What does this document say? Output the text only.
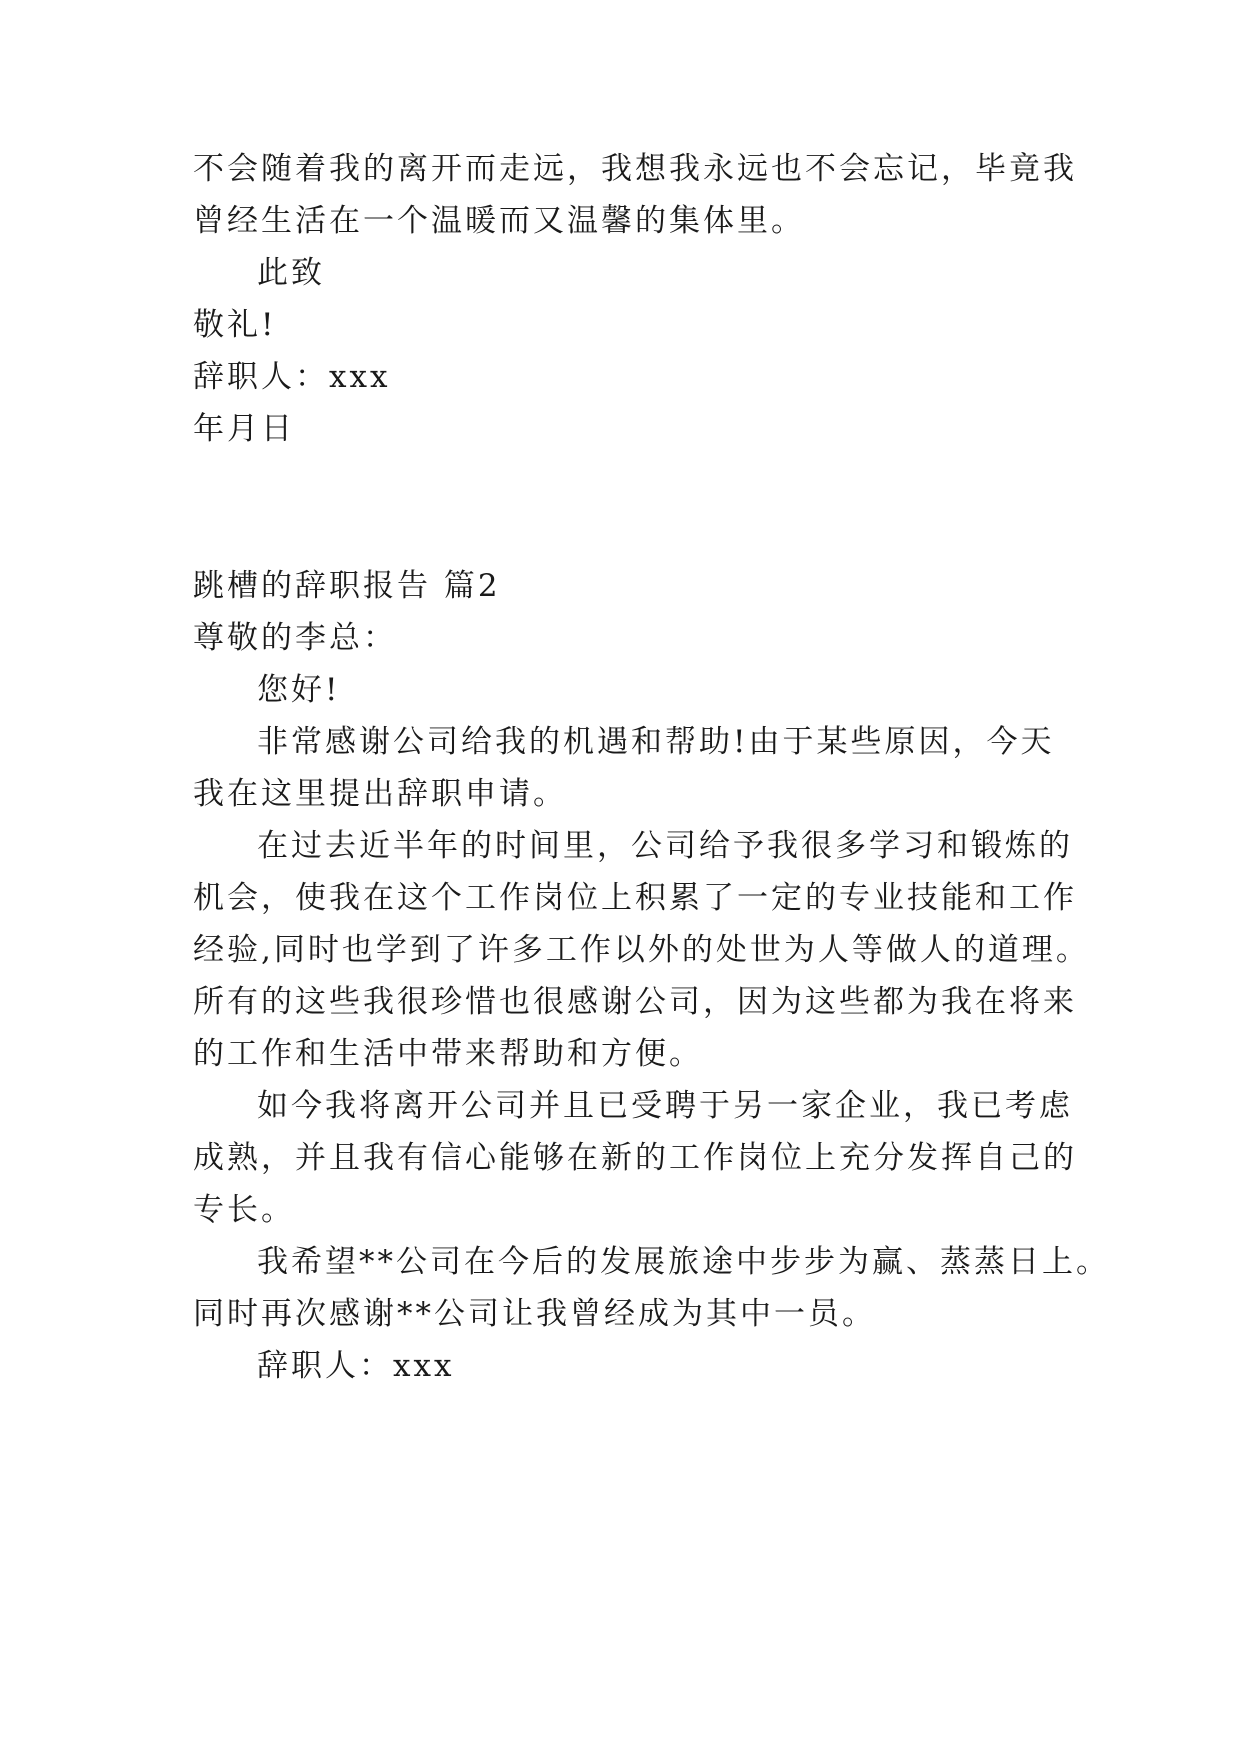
不会随着我的离开而走远，我想我永远也不会忘记，毕竟我
曾经生活在一个温暖而又温馨的集体里。
此致
敬礼!
辞职人：xxx
年月日
跳槽的辞职报告 篇2
尊敬的李总：
您好!
非常感谢公司给我的机遇和帮助!由于某些原因，今天
我在这里提出辞职申请。
在过去近半年的时间里，公司给予我很多学习和锻炼的
机会，使我在这个工作岗位上积累了一定的专业技能和工作
经验,同时也学到了许多工作以外的处世为人等做人的道理。
所有的这些我很珍惜也很感谢公司，因为这些都为我在将来
的工作和生活中带来帮助和方便。
如今我将离开公司并且已受聘于另一家企业，我已考虑
成熟，并且我有信心能够在新的工作岗位上充分发挥自己的
专长。
我希望**公司在今后的发展旅途中步步为赢、蒸蒸日上。
同时再次感谢**公司让我曾经成为其中一员。
辞职人：xxx
